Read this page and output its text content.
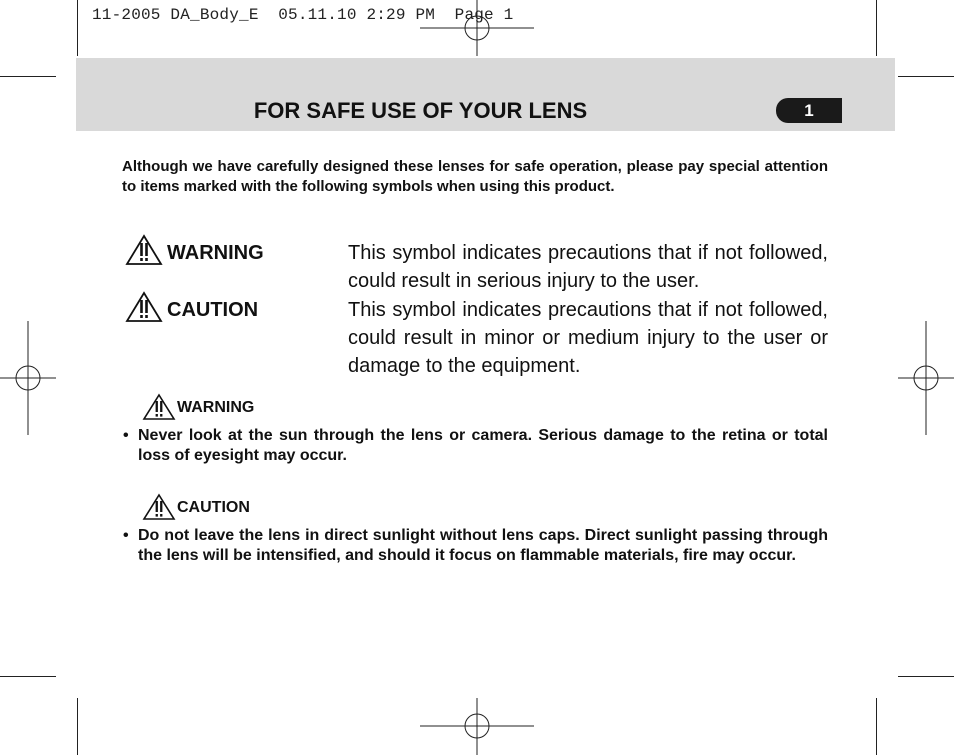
11-2005 DA_Body_E  05.11.10 2:29 PM  Page 1
FOR SAFE USE OF YOUR LENS	1
Although we have carefully designed these lenses for safe operation, please pay special attention to items marked with the following symbols when using this product.
WARNING	This symbol indicates precautions that if not followed, could result in serious injury to the user.
CAUTION	This symbol indicates precautions that if not followed, could result in minor or medium injury to the user or damage to the equipment.
WARNING
• Never look at the sun through the lens or camera. Serious damage to the retina or total loss of eyesight may occur.
CAUTION
• Do not leave the lens in direct sunlight without lens caps. Direct sunlight passing through the lens will be intensified, and should it focus on flammable materials, fire may occur.
